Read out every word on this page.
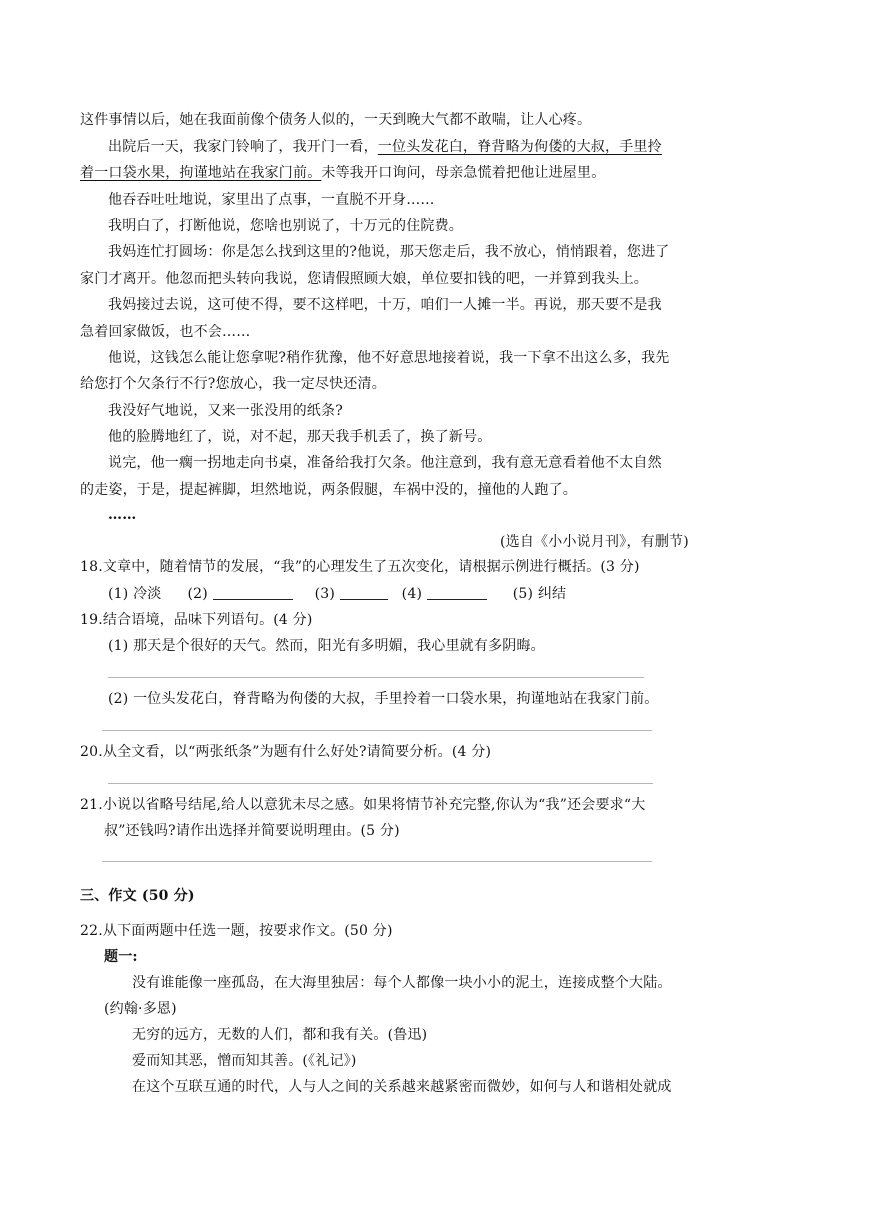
这件事情以后，她在我面前像个债务人似的，一天到晚大气都不敢喘，让人心疼。
出院后一天，我家门铃响了，我开门一看，一位头发花白，脊背略为佝偻的大叔，手里拎
着一口袋水果，拘谨地站在我家门前。未等我开口询问，母亲急慌着把他让进屋里。
他吞吞吐吐地说，家里出了点事，一直脱不开身……
我明白了，打断他说，您啥也别说了，十万元的住院费。
我妈连忙打圆场：你是怎么找到这里的?他说，那天您走后，我不放心，悄悄跟着，您进了
家门才离开。他忽而把头转向我说，您请假照顾大娘，单位要扣钱的吧，一并算到我头上。
我妈接过去说，这可使不得，要不这样吧，十万，咱们一人摊一半。再说，那天要不是我
急着回家做饭，也不会……
他说，这钱怎么能让您拿呢?稍作犹豫，他不好意思地接着说，我一下拿不出这么多，我先
给您打个欠条行不行?您放心，我一定尽快还清。
我没好气地说，又来一张没用的纸条?
他的脸腾地红了，说，对不起，那天我手机丢了，换了新号。
说完，他一瘸一拐地走向书桌，准备给我打欠条。他注意到，我有意无意看着他不太自然
的走姿，于是，提起裤脚，坦然地说，两条假腿，车祸中没的，撞他的人跑了。
……
(选自《小小说月刊》，有删节)
18.文章中，随着情节的发展，“我”的心理发生了五次变化，请根据示例进行概括。(3 分)
(1) 冷淡 (2)	(3)	(4)	(5) 纠结
19.结合语境，品味下列语句。(4 分)
(1) 那天是个很好的天气。然而，阳光有多明媚，我心里就有多阴晦。
(2) 一位头发花白，脊背略为佝偻的大叔，手里拎着一口袋水果，拘谨地站在我家门前。
20.从全文看，以“两张纸条”为题有什么好处?请简要分析。(4 分)
21.小说以省略号结尾,给人以意犹未尽之感。如果将情节补充完整,你认为“我”还会要求“大
叔”还钱吗?请作出选择并简要说明理由。(5 分)
三、作文 (50 分)
22.从下面两题中任选一题，按要求作文。(50 分)
题一:
没有谁能像一座孤岛，在大海里独居：每个人都像一块小小的泥土，连接成整个大陆。
(约翰·多恩)
无穷的远方，无数的人们，都和我有关。(鲁迅)
爱而知其恶，憎而知其善。(《礼记》)
在这个互联互通的时代，人与人之间的关系越来越紧密而微妙，如何与人和谐相处就成
